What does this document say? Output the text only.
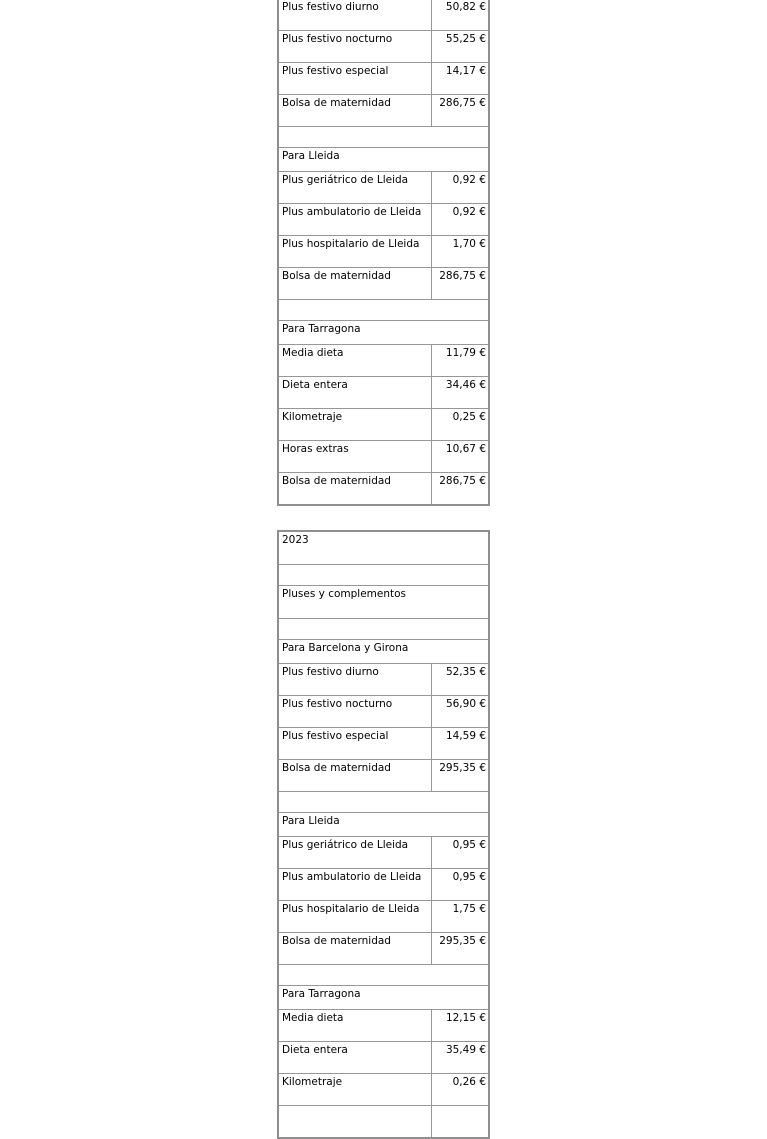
Plus festivo diurno	50,82 €
Plus festivo nocturno	55,25 €
Plus festivo especial	14,17 €
Bolsa de maternidad	286,75 €

Para Lleida	
Plus geriátrico de Lleida	0,92 €
Plus ambulatorio de Lleida	0,92 €
Plus hospitalario de Lleida	1,70 €
Bolsa de maternidad	286,75 €

Para Tarragona	
Media dieta	11,79 €
Dieta entera	34,46 €
Kilometraje	0,25 €
Horas extras	10,67 €
Bolsa de maternidad	286,75 €
2023	

Pluses y complementos	

Para Barcelona y Girona	
Plus festivo diurno	52,35 €
Plus festivo nocturno	56,90 €
Plus festivo especial	14,59 €
Bolsa de maternidad	295,35 €

Para Lleida	
Plus geriátrico de Lleida	0,95 €
Plus ambulatorio de Lleida	0,95 €
Plus hospitalario de Lleida	1,75 €
Bolsa de maternidad	295,35 €

Para Tarragona	
Media dieta	12,15 €
Dieta entera	35,49 €
Kilometraje	0,26 €
